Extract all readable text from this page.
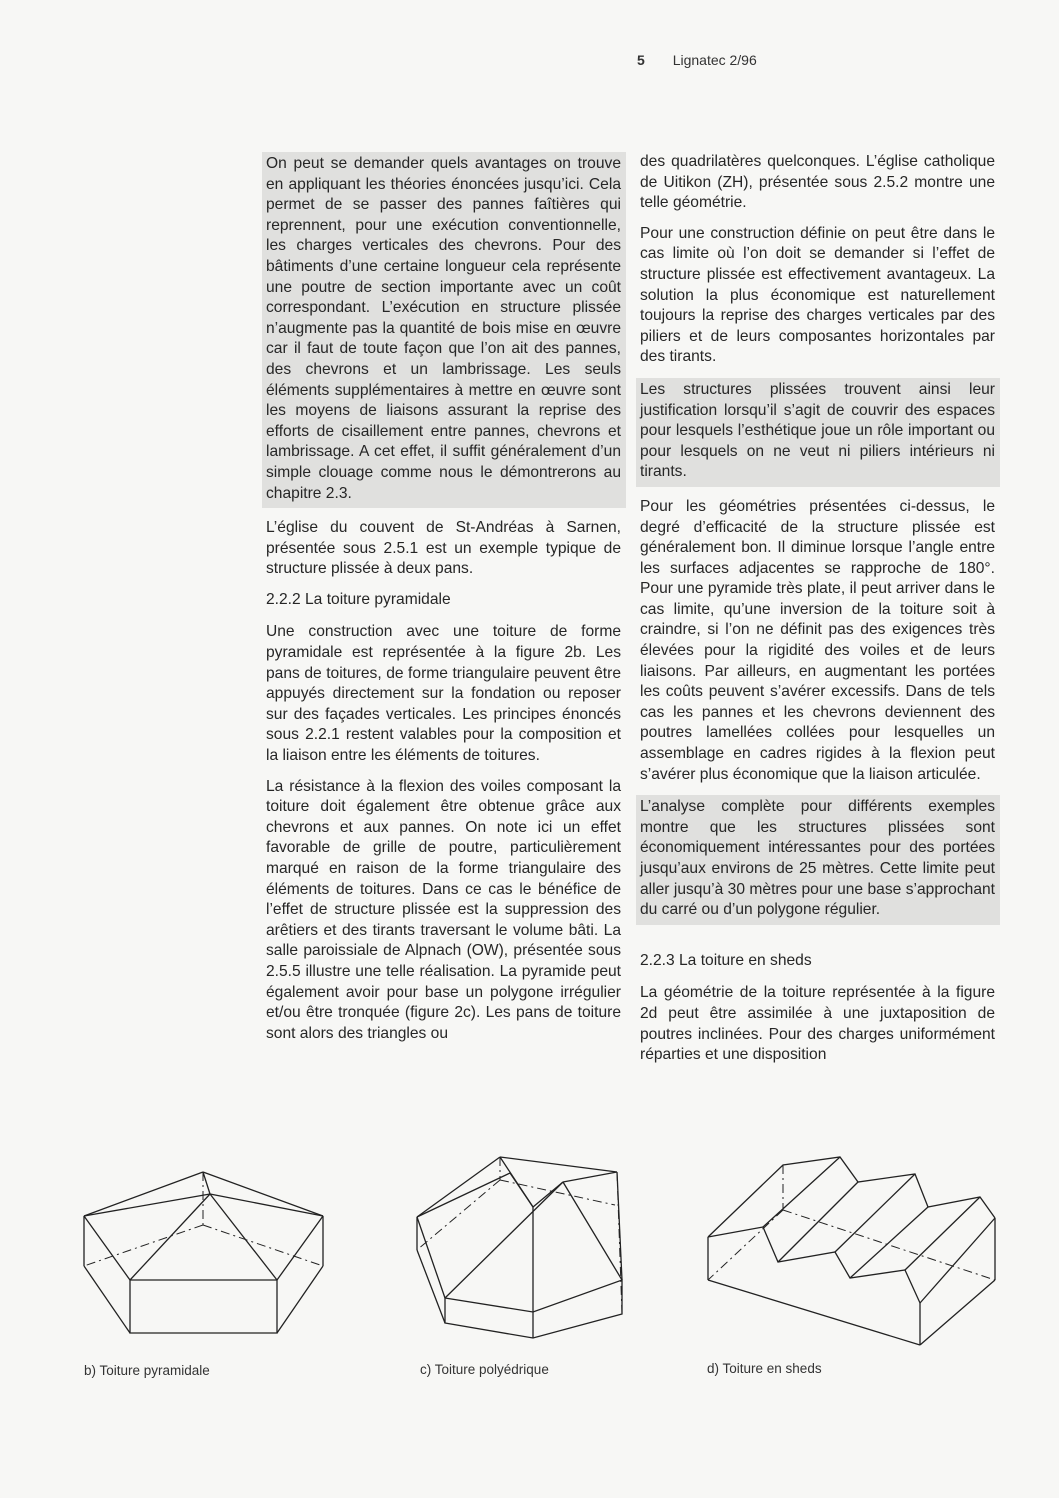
5 Lignatec 2/96

On peut se demander quels avantages on trouve en appliquant les théories énoncées jusqu’ici. Cela permet de se passer des pannes faîtières qui reprennent, pour une exécution conventionnelle, les charges verticales des chevrons. Pour des bâtiments d’une certaine longueur cela représente une poutre de section importante avec un coût correspondant. L’exécution en structure plissée n’augmente pas la quantité de bois mise en œuvre car il faut de toute façon que l’on ait des pannes, des chevrons et un lambrissage. Les seuls éléments supplémentaires à mettre en œuvre sont les moyens de liaisons assurant la reprise des efforts de cisaillement entre pannes, chevrons et lambrissage. A cet effet, il suffit généralement d’un simple clouage comme nous le démontrerons au chapitre 2.3.

L’église du couvent de St-Andréas à Sarnen, présentée sous 2.5.1 est un exemple typique de structure plissée à deux pans.

2.2.2 La toiture pyramidale

Une construction avec une toiture de forme pyramidale est représentée à la figure 2b. Les pans de toitures, de forme triangulaire peuvent être appuyés directement sur la fondation ou reposer sur des façades verticales. Les principes énoncés sous 2.2.1 restent valables pour la composition et la liaison entre les éléments de toitures.

La résistance à la flexion des voiles composant la toiture doit également être obtenue grâce aux chevrons et aux pannes. On note ici un effet favorable de grille de poutre, particulièrement marqué en raison de la forme triangulaire des éléments de toitures. Dans ce cas le bénéfice de l’effet de structure plissée est la suppression des arêtiers et des tirants traversant le volume bâti. La salle paroissiale de Alpnach (OW), présentée sous 2.5.5 illustre une telle réalisation. La pyramide peut également avoir pour base un polygone irrégulier et/ou être tronquée (figure 2c). Les pans de toiture sont alors des triangles ou

des quadrilatères quelconques. L’église catholique de Uitikon (ZH), présentée sous 2.5.2 montre une telle géométrie.

Pour une construction définie on peut être dans le cas limite où l’on doit se demander si l’effet de structure plissée est effectivement avantageux. La solution la plus économique est naturellement toujours la reprise des charges verticales par des piliers et de leurs composantes horizontales par des tirants.

Les structures plissées trouvent ainsi leur justification lorsqu’il s’agit de couvrir des espaces pour lesquels l’esthétique joue un rôle important ou pour lesquels on ne veut ni piliers intérieurs ni tirants.

Pour les géométries présentées ci-dessus, le degré d’efficacité de la structure plissée est généralement bon. Il diminue lorsque l’angle entre les surfaces adjacentes se rapproche de 180°. Pour une pyramide très plate, il peut arriver dans le cas limite, qu’une inversion de la toiture soit à craindre, si l’on ne définit pas des exigences très élevées pour la rigidité des voiles et de leurs liaisons. Par ailleurs, en augmentant les portées les coûts peuvent s’avérer excessifs. Dans de tels cas les pannes et les chevrons deviennent des poutres lamellées collées pour lesquelles un assemblage en cadres rigides à la flexion peut s’avérer plus économique que la liaison articulée.

L’analyse complète pour différents exemples montre que les structures plissées sont économiquement intéressantes pour des portées jusqu’aux environs de 25 mètres. Cette limite peut aller jusqu’à 30 mètres pour une base s’approchant du carré ou d’un polygone régulier.

2.2.3 La toiture en sheds

La géométrie de la toiture représentée à la figure 2d peut être assimilée à une juxtaposition de poutres inclinées. Pour des charges uniformément réparties et une disposition

b) Toiture pyramidale	c) Toiture polyédrique	d) Toiture en sheds
